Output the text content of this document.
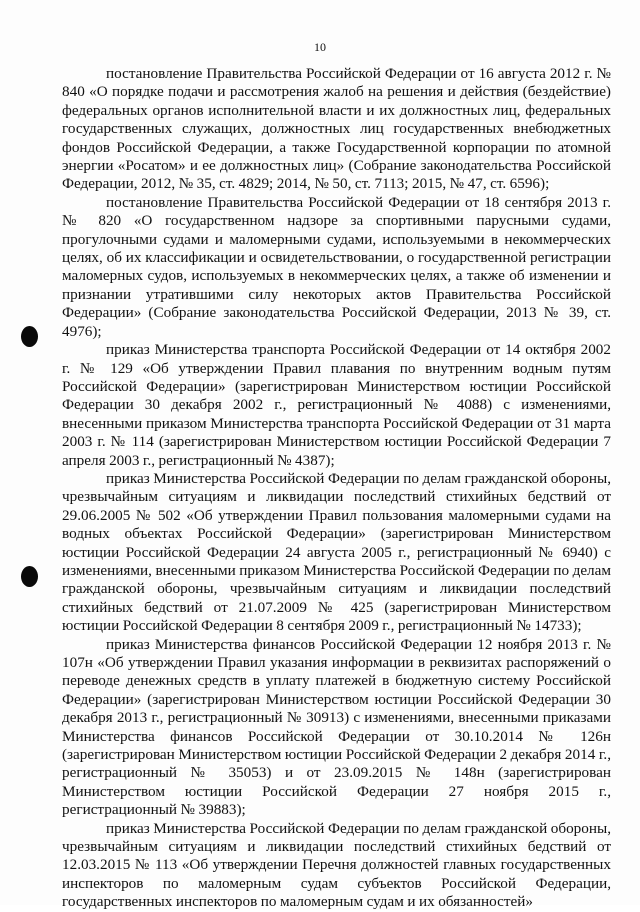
10

постановление Правительства Российской Федерации от 16 августа 2012 г. № 840 «О порядке подачи и рассмотрения жалоб на решения и действия (бездействие) федеральных органов исполнительной власти и их должностных лиц, федеральных государственных служащих, должностных лиц государственных внебюджетных фондов Российской Федерации, а также Государственной корпорации по атомной энергии «Росатом» и ее должностных лиц» (Собрание законодательства Российской Федерации, 2012, № 35, ст. 4829; 2014, № 50, ст. 7113; 2015, № 47, ст. 6596);

постановление Правительства Российской Федерации от 18 сентября 2013 г. № 820 «О государственном надзоре за спортивными парусными судами, прогулочными судами и маломерными судами, используемыми в некоммерческих целях, об их классификации и освидетельствовании, о государственной регистрации маломерных судов, используемых в некоммерческих целях, а также об изменении и признании утратившими силу некоторых актов Правительства Российской Федерации» (Собрание законодательства Российской Федерации, 2013 № 39, ст. 4976);

приказ Министерства транспорта Российской Федерации от 14 октября 2002 г. № 129 «Об утверждении Правил плавания по внутренним водным путям Российской Федерации» (зарегистрирован Министерством юстиции Российской Федерации 30 декабря 2002 г., регистрационный № 4088) с изменениями, внесенными приказом Министерства транспорта Российской Федерации от 31 марта 2003 г. № 114 (зарегистрирован Министерством юстиции Российской Федерации 7 апреля 2003 г., регистрационный № 4387);

приказ Министерства Российской Федерации по делам гражданской обороны, чрезвычайным ситуациям и ликвидации последствий стихийных бедствий от 29.06.2005 № 502 «Об утверждении Правил пользования маломерными судами на водных объектах Российской Федерации» (зарегистрирован Министерством юстиции Российской Федерации 24 августа 2005 г., регистрационный № 6940) с изменениями, внесенными приказом Министерства Российской Федерации по делам гражданской обороны, чрезвычайным ситуациям и ликвидации последствий стихийных бедствий от 21.07.2009 № 425 (зарегистрирован Министерством юстиции Российской Федерации 8 сентября 2009 г., регистрационный № 14733);

приказ Министерства финансов Российской Федерации 12 ноября 2013 г. № 107н «Об утверждении Правил указания информации в реквизитах распоряжений о переводе денежных средств в уплату платежей в бюджетную систему Российской Федерации» (зарегистрирован Министерством юстиции Российской Федерации 30 декабря 2013 г., регистрационный № 30913) с изменениями, внесенными приказами Министерства финансов Российской Федерации от 30.10.2014 № 126н (зарегистрирован Министерством юстиции Российской Федерации 2 декабря 2014 г., регистрационный № 35053) и от 23.09.2015 № 148н (зарегистрирован Министерством юстиции Российской Федерации 27 ноября 2015 г., регистрационный № 39883);

приказ Министерства Российской Федерации по делам гражданской обороны, чрезвычайным ситуациям и ликвидации последствий стихийных бедствий от 12.03.2015 № 113 «Об утверждении Перечня должностей главных государственных инспекторов по маломерным судам субъектов Российской Федерации, государственных инспекторов по маломерным судам и их обязанностей»
